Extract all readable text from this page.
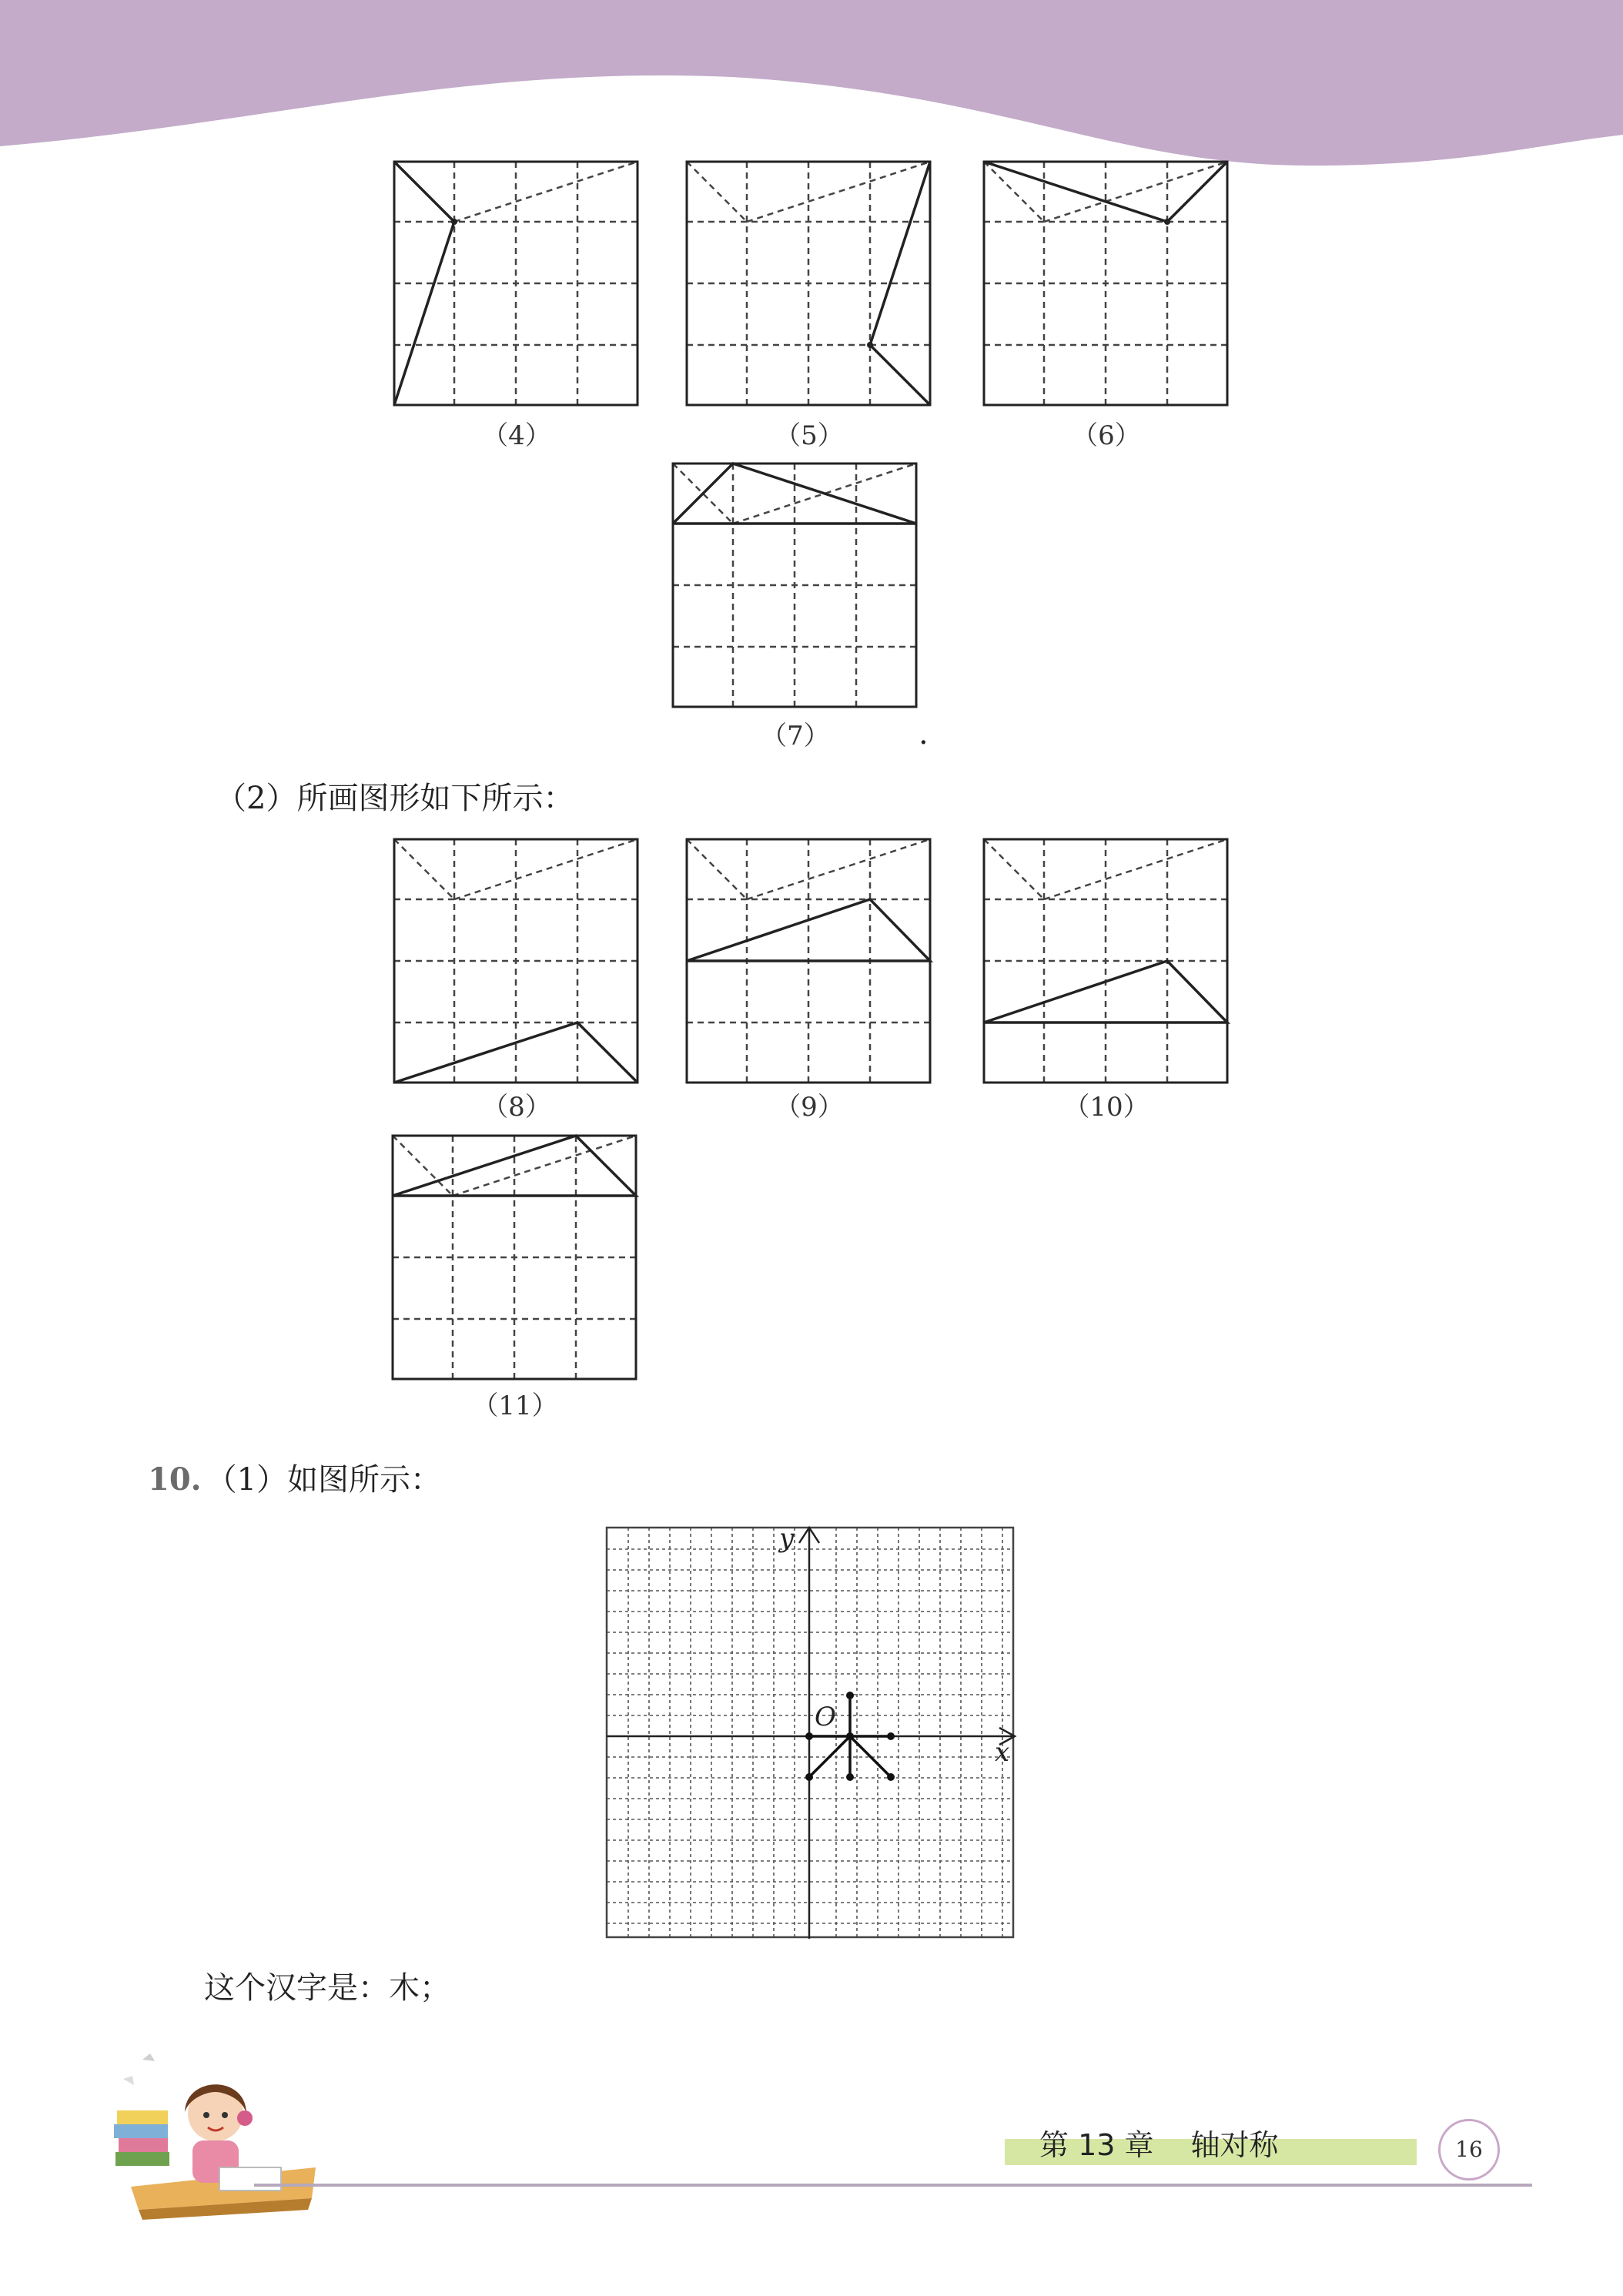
（4）	（5）	（6）
（7）	.
（2）所画图形如下所示：
（8）	（9）	（10）
（11）
10. （1）如图所示：
y
x
O
这个汉字是：木；
第 13 章 轴对称	16
